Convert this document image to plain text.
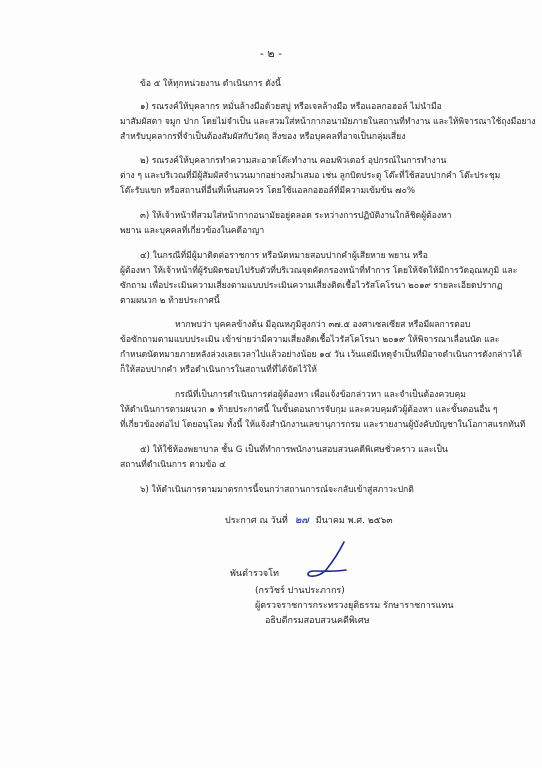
- ๒ -
ข้อ ๕ ให้ทุกหน่วยงาน ดำเนินการ ดังนี้
๑) รณรงค์ให้บุคลากร หมั่นล้างมือด้วยสบู่ หรือเจลล้างมือ หรือแอลกอฮอล์ ไม่นำมือ
มาสัมผัสตา จมูก ปาก โดยไม่จำเป็น และสวมใส่หน้ากากอนามัยภายในสถานที่ทำงาน และให้พิจารณาใช้ถุงมือยาง
สำหรับบุคลากรที่จำเป็นต้องสัมผัสกับวัตถุ สิ่งของ หรือบุคคลที่อาจเป็นกลุ่มเสี่ยง
๒) รณรงค์ให้บุคลากรทำความสะอาดโต๊ะทำงาน คอมพิวเตอร์ อุปกรณ์ในการทำงาน
ต่าง ๆ และบริเวณที่มีผู้สัมผัสจำนวนมากอย่างสม่ำเสมอ เช่น ลูกบิดประตู โต๊ะที่ใช้สอบปากคำ โต๊ะประชุม
โต๊ะรับแขก หรือสถานที่อื่นที่เห็นสมควร โดยใช้แอลกอฮอล์ที่มีความเข้มข้น ๗๐%
๓) ให้เจ้าหน้าที่สวมใส่หน้ากากอนามัยอยู่ตลอด ระหว่างการปฏิบัติงานใกล้ชิดผู้ต้องหา
พยาน และบุคคลที่เกี่ยวข้องในคดีอาญา
๔) ในกรณีที่มีผู้มาติดต่อราชการ หรือนัดหมายสอบปากคำผู้เสียหาย พยาน หรือ
ผู้ต้องหา ให้เจ้าหน้าที่ผู้รับผิดชอบไปรับตัวที่บริเวณจุดคัดกรองหน้าที่ทำการ โดยให้จัดให้มีการวัดอุณหภูมิ และ
ซักถาม เพื่อประเมินความเสี่ยงตามแบบประเมินความเสี่ยงติดเชื้อไวรัสโคโรนา ๒๐๑๙ รายละเอียดปรากฏ
ตามผนวก ๒ ท้ายประกาศนี้
หากพบว่า บุคคลข้างต้น มีอุณหภูมิสูงกว่า ๓๗.๕ องศาเซลเซียส หรือมีผลการตอบ
ข้อซักถามตามแบบประเมิน เข้าข่ายว่ามีความเสี่ยงติดเชื้อไวรัสโคโรนา ๒๐๑๙ ให้พิจารณาเลื่อนนัด และ
กำหนดนัดหมายภายหลังล่วงเลยเวลาไปแล้วอย่างน้อย ๑๔ วัน เว้นแต่มีเหตุจำเป็นที่มิอาจดำเนินการดังกล่าวได้
ก็ให้สอบปากคำ หรือดำเนินการในสถานที่ที่ได้จัดไว้ให้
กรณีที่เป็นการดำเนินการต่อผู้ต้องหา เพื่อแจ้งข้อกล่าวหา และจำเป็นต้องควบคุม
ให้ดำเนินการตามผนวก ๑ ท้ายประกาศนี้ ในขั้นตอนการจับกุม และควบคุมตัวผู้ต้องหา และขั้นตอนอื่น ๆ
ที่เกี่ยวข้องต่อไป โดยอนุโลม ทั้งนี้ ให้แจ้งสำนักงานเลขานุการกรม และรายงานผู้บังคับบัญชาในโอกาสแรกทันที
๕) ให้ใช้ห้องพยาบาล ชั้น G เป็นที่ทำการพนักงานสอบสวนคดีพิเศษชั่วคราว และเป็น
สถานที่ดำเนินการ ตามข้อ ๔
๖) ให้ดำเนินการตามมาตรการนี้จนกว่าสถานการณ์จะกลับเข้าสู่สภาวะปกติ
ประกาศ ณ วันที่ ๒๗ มีนาคม พ.ศ. ๒๕๖๓
พันตำรวจโท
(กรวัชร์ ปานประภากร)
ผู้ตรวจราชการกระทรวงยุติธรรม รักษาราชการแทน
อธิบดีกรมสอบสวนคดีพิเศษ
